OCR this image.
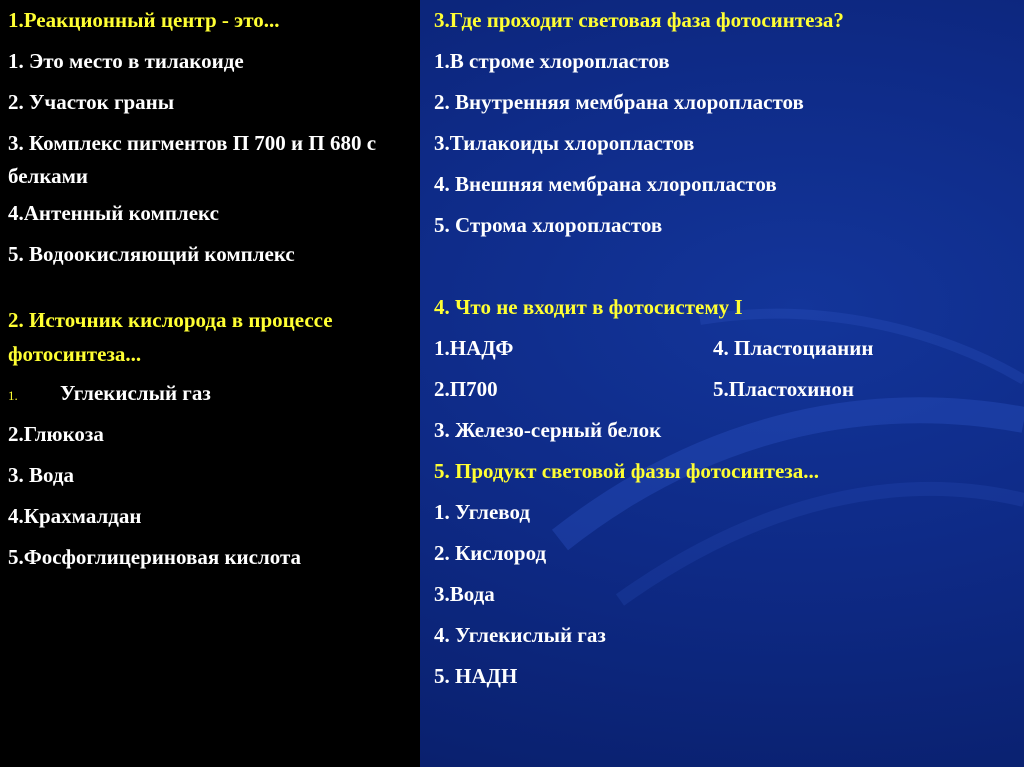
1.Реакционный центр - это...
1. Это место в тилакоиде
2. Участок граны
3. Комплекс пигментов П 700 и П 680 с белками
4.Антенный комплекс
5. Водоокисляющий комплекс
2. Источник кислорода в процессе фотосинтеза...
1. Углекислый газ
2.Глюкоза
3. Вода
4.Крахмалдан
5.Фосфоглицериновая кислота
3.Где проходит световая фаза фотосинтеза?
1.В строме хлоропластов
2. Внутренняя мембрана хлоропластов
3.Тилакоиды хлоропластов
4. Внешняя мембрана хлоропластов
5. Строма хлоропластов
4. Что не входит в фотосистему I
1.НАДФ	4. Пластоцианин
2.П700	5.Пластохинон
3. Железо-серный белок
5. Продукт световой фазы фотосинтеза...
1. Углевод
2. Кислород
3.Вода
4. Углекислый газ
5. НАДН
